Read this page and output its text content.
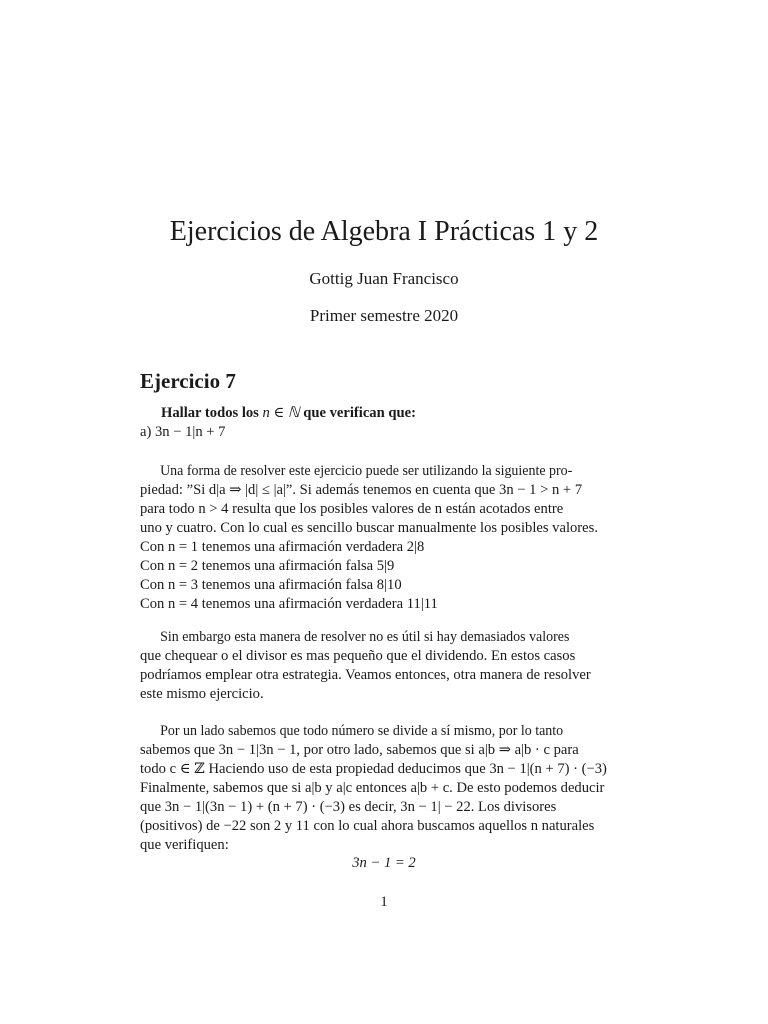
Ejercicios de Algebra I Prácticas 1 y 2
Gottig Juan Francisco
Primer semestre 2020
Ejercicio 7

Hallar todos los n ∈ ℕ que verifican que:

a) 3n − 1|n + 7

Una forma de resolver este ejercicio puede ser utilizando la siguiente pro-
piedad: ”Si d|a ⇒ |d| ≤ |a|”. Si además tenemos en cuenta que 3n − 1 > n + 7
para todo n > 4 resulta que los posibles valores de n están acotados entre
uno y cuatro. Con lo cual es sencillo buscar manualmente los posibles valores.
Con n = 1 tenemos una afirmación verdadera 2|8
Con n = 2 tenemos una afirmación falsa 5|9
Con n = 3 tenemos una afirmación falsa 8|10
Con n = 4 tenemos una afirmación verdadera 11|11
Sin embargo esta manera de resolver no es útil si hay demasiados valores
que chequear o el divisor es mas pequeño que el dividendo. En estos casos
podríamos emplear otra estrategia. Veamos entonces, otra manera de resolver
este mismo ejercicio.
Por un lado sabemos que todo número se divide a sí mismo, por lo tanto
sabemos que 3n − 1|3n − 1, por otro lado, sabemos que si a|b ⇒ a|b · c para
todo c ∈ ℤ Haciendo uso de esta propiedad deducimos que 3n − 1|(n + 7) · (−3)
Finalmente, sabemos que si a|b y a|c entonces a|b + c. De esto podemos deducir
que 3n − 1|(3n − 1) + (n + 7) · (−3) es decir, 3n − 1| − 22. Los divisores
(positivos) de −22 son 2 y 11 con lo cual ahora buscamos aquellos n naturales
que verifiquen:
3n − 1 = 2
1
